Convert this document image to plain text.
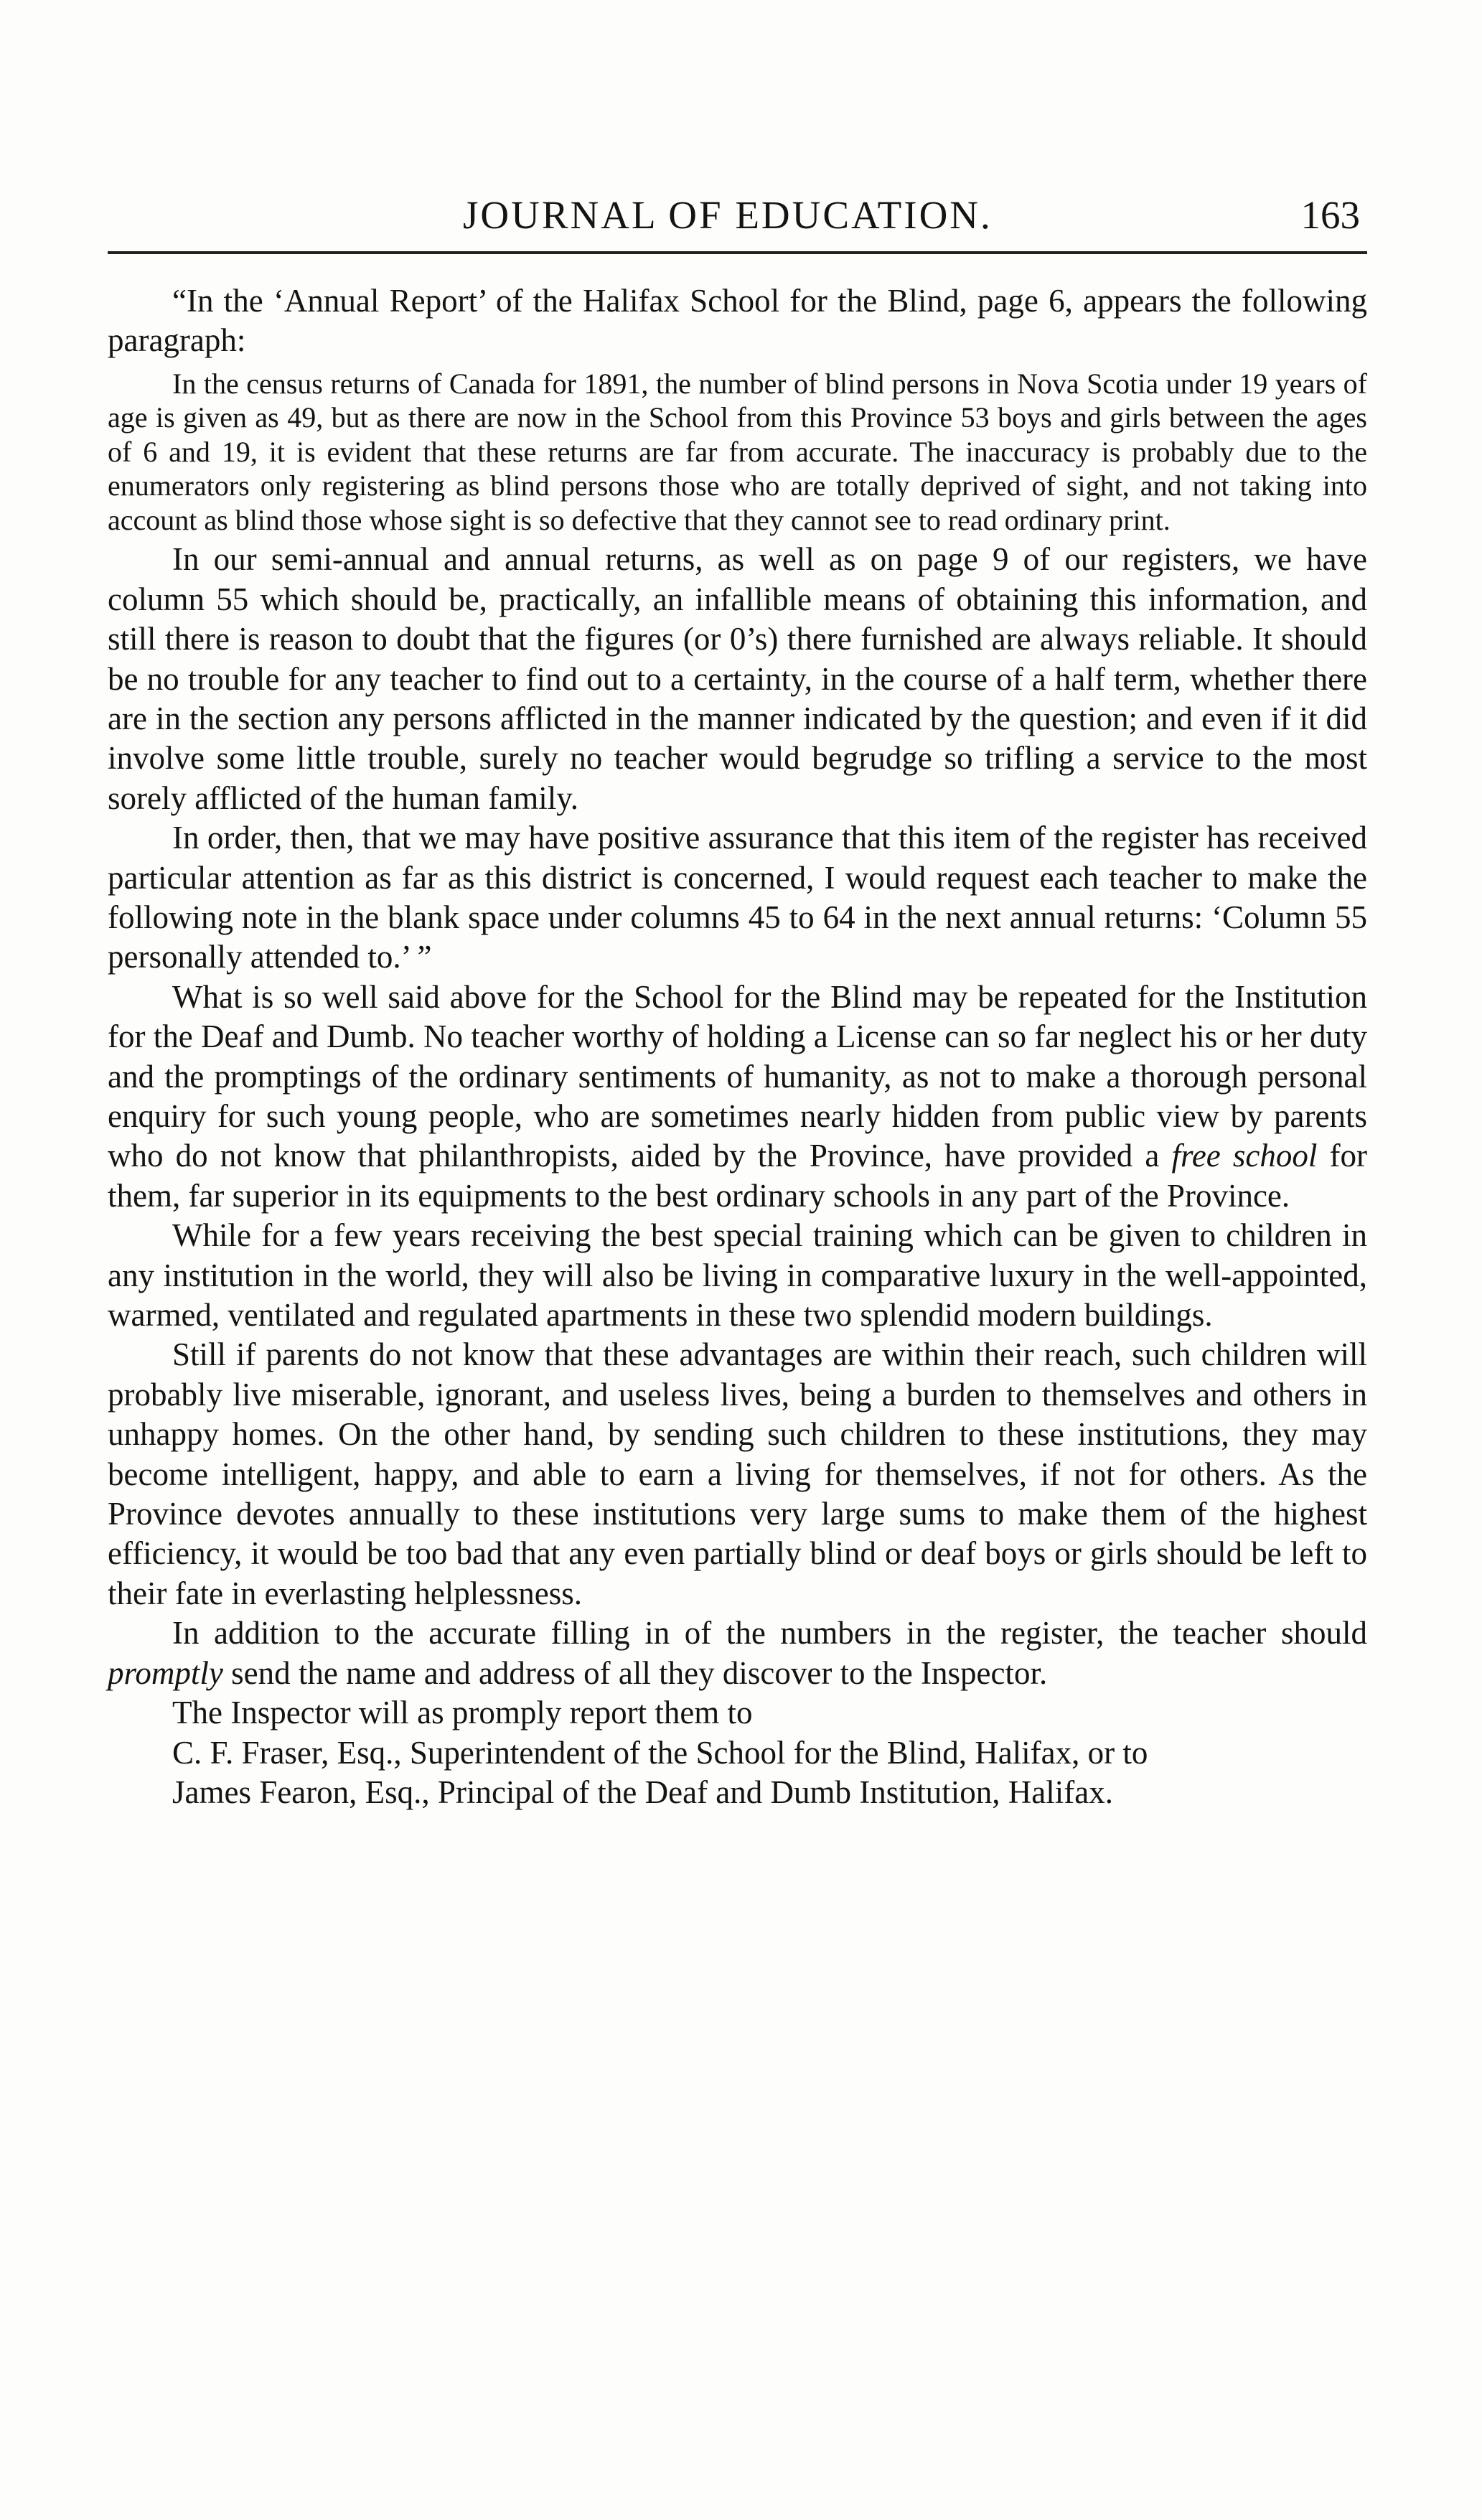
JOURNAL OF EDUCATION.	163

“In the ‘Annual Report’ of the Halifax School for the Blind, page 6, appears the following paragraph:

In the census returns of Canada for 1891, the number of blind persons in Nova Scotia under 19 years of age is given as 49, but as there are now in the School from this Province 53 boys and girls between the ages of 6 and 19, it is evident that these returns are far from accurate. The inaccuracy is probably due to the enumerators only registering as blind persons those who are totally deprived of sight, and not taking into account as blind those whose sight is so defective that they cannot see to read ordinary print.

In our semi-annual and annual returns, as well as on page 9 of our registers, we have column 55 which should be, practically, an infallible means of obtaining this information, and still there is reason to doubt that the figures (or 0’s) there furnished are always reliable. It should be no trouble for any teacher to find out to a certainty, in the course of a half term, whether there are in the section any persons afflicted in the manner indicated by the question; and even if it did involve some little trouble, surely no teacher would begrudge so trifling a service to the most sorely afflicted of the human family.

In order, then, that we may have positive assurance that this item of the register has received particular attention as far as this district is concerned, I would request each teacher to make the following note in the blank space under columns 45 to 64 in the next annual returns: ‘Column 55 personally attended to.’ ”

What is so well said above for the School for the Blind may be repeated for the Institution for the Deaf and Dumb. No teacher worthy of holding a License can so far neglect his or her duty and the promptings of the ordinary sentiments of humanity, as not to make a thorough personal enquiry for such young people, who are sometimes nearly hidden from public view by parents who do not know that philanthropists, aided by the Province, have provided a free school for them, far superior in its equipments to the best ordinary schools in any part of the Province.

While for a few years receiving the best special training which can be given to children in any institution in the world, they will also be living in comparative luxury in the well-appointed, warmed, ventilated and regulated apartments in these two splendid modern buildings.

Still if parents do not know that these advantages are within their reach, such children will probably live miserable, ignorant, and useless lives, being a burden to themselves and others in unhappy homes. On the other hand, by sending such children to these institutions, they may become intelligent, happy, and able to earn a living for themselves, if not for others. As the Province devotes annually to these institutions very large sums to make them of the highest efficiency, it would be too bad that any even partially blind or deaf boys or girls should be left to their fate in everlasting helplessness.

In addition to the accurate filling in of the numbers in the register, the teacher should promptly send the name and address of all they discover to the Inspector.

The Inspector will as promply report them to

C. F. Fraser, Esq., Superintendent of the School for the Blind, Halifax, or to

James Fearon, Esq., Principal of the Deaf and Dumb Institution, Halifax.
